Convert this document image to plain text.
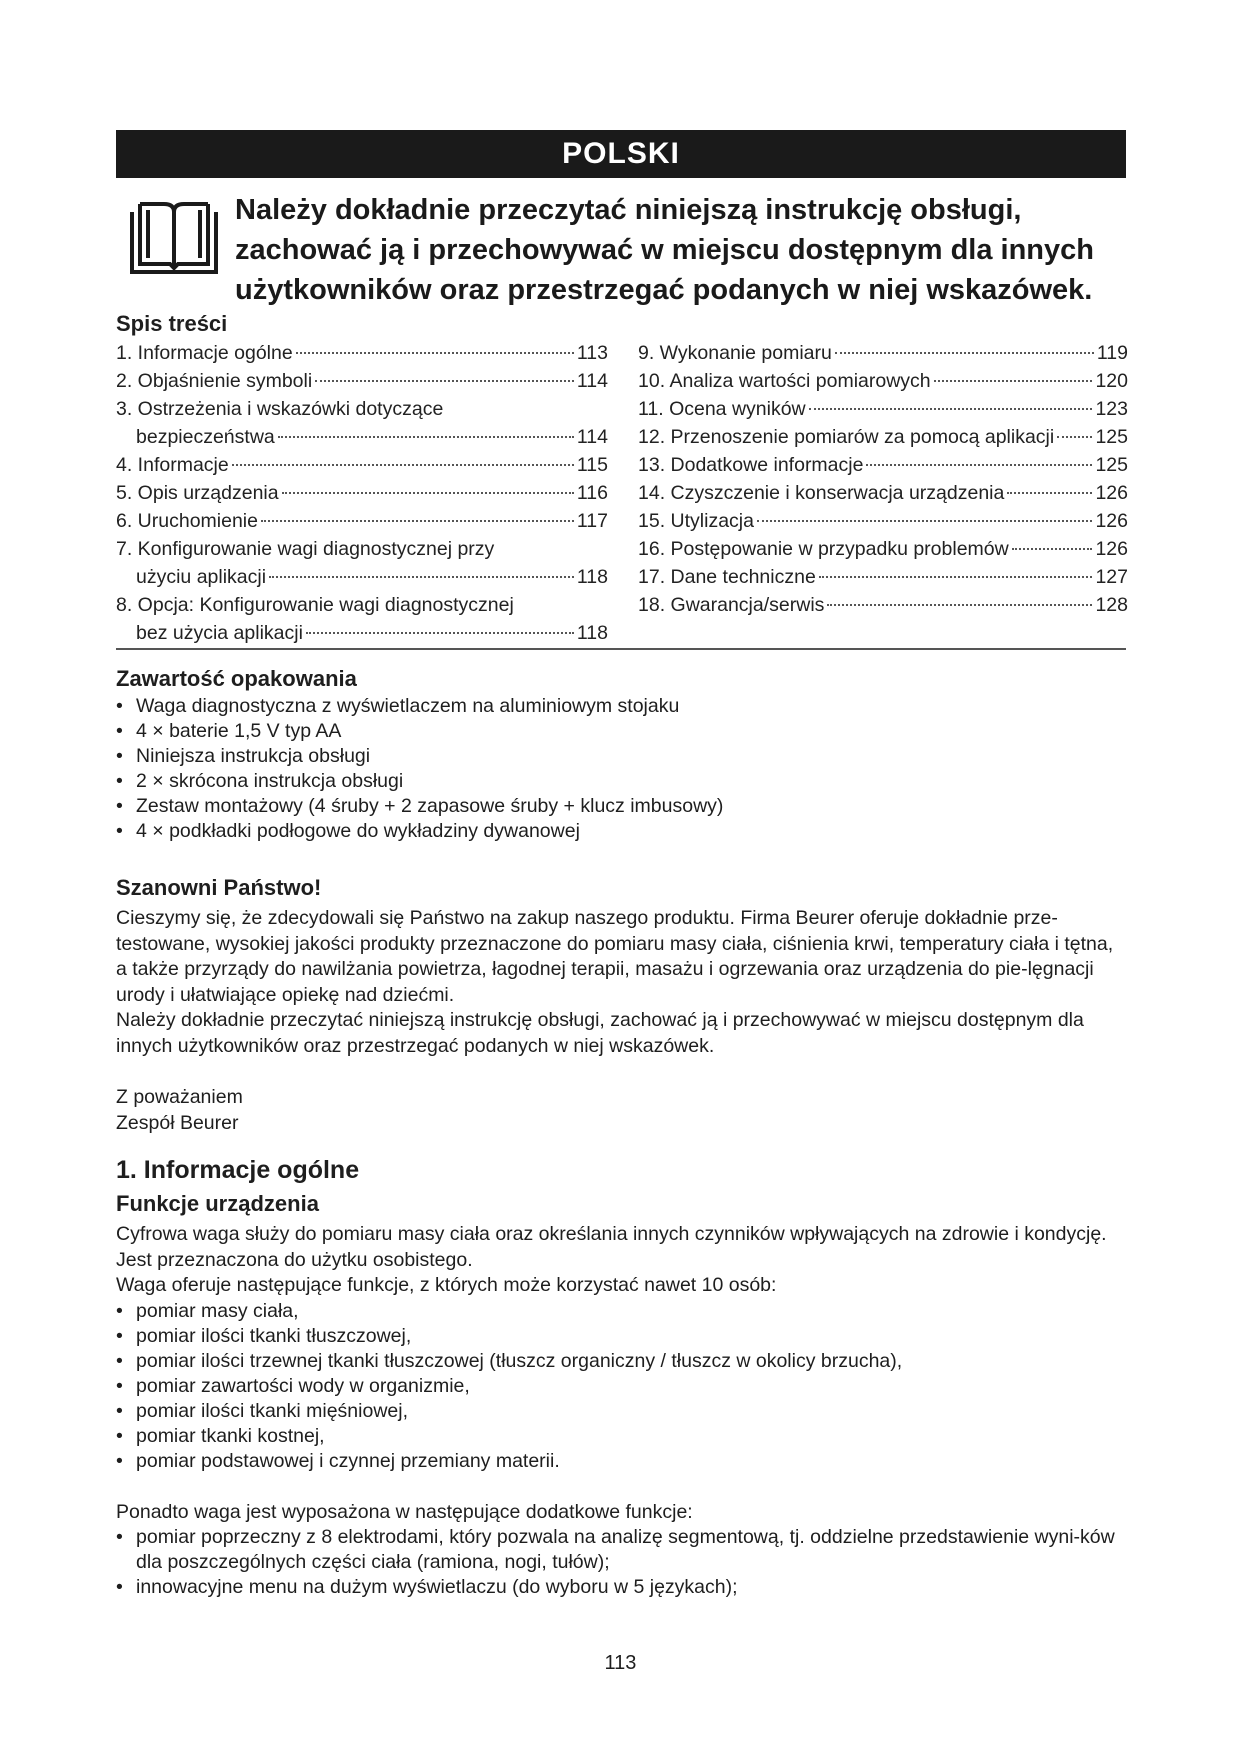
POLSKI
Należy dokładnie przeczytać niniejszą instrukcję obsługi, zachować ją i przechowywać w miejscu dostępnym dla innych użytkowników oraz przestrzegać podanych w niej wskazówek.
Spis treści
1. Informacje ogólne	113
2. Objaśnienie symboli	114
3. Ostrzeżenia i wskazówki dotyczące
bezpieczeństwa	114
4. Informacje	115
5. Opis urządzenia	116
6. Uruchomienie	117
7. Konfigurowanie wagi diagnostycznej przy
użyciu aplikacji	118
8. Opcja: Konfigurowanie wagi diagnostycznej
bez użycia aplikacji	118
9. Wykonanie pomiaru	119
10. Analiza wartości pomiarowych	120
11. Ocena wyników	123
12. Przenoszenie pomiarów za pomocą aplikacji 125
13. Dodatkowe informacje	125
14. Czyszczenie i konserwacja urządzenia	126
15. Utylizacja	126
16. Postępowanie w przypadku problemów	126
17. Dane techniczne	127
18. Gwarancja/serwis	128
Zawartość opakowania
• Waga diagnostyczna z wyświetlaczem na aluminiowym stojaku
• 4 × baterie 1,5 V typ AA
• Niniejsza instrukcja obsługi
• 2 × skrócona instrukcja obsługi
• Zestaw montażowy (4 śruby + 2 zapasowe śruby + klucz imbusowy)
• 4 × podkładki podłogowe do wykładziny dywanowej
Szanowni Państwo!

Cieszymy się, że zdecydowali się Państwo na zakup naszego produktu. Firma Beurer oferuje dokładnie prze-testowane, wysokiej jakości produkty przeznaczone do pomiaru masy ciała, ciśnienia krwi, temperatury ciała i tętna, a także przyrządy do nawilżania powietrza, łagodnej terapii, masażu i ogrzewania oraz urządzenia do pie-lęgnacji urody i ułatwiające opiekę nad dziećmi.

Należy dokładnie przeczytać niniejszą instrukcję obsługi, zachować ją i przechowywać w miejscu dostępnym dla innych użytkowników oraz przestrzegać podanych w niej wskazówek.

Z poważaniem

Zespół Beurer

1. Informacje ogólne
Funkcje urządzenia

Cyfrowa waga służy do pomiaru masy ciała oraz określania innych czynników wpływających na zdrowie i kondycję. Jest przeznaczona do użytku osobistego.

Waga oferuje następujące funkcje, z których może korzystać nawet 10 osób:

• pomiar masy ciała,
• pomiar ilości tkanki tłuszczowej,
• pomiar ilości trzewnej tkanki tłuszczowej (tłuszcz organiczny / tłuszcz w okolicy brzucha),
• pomiar zawartości wody w organizmie,
• pomiar ilości tkanki mięśniowej,
• pomiar tkanki kostnej,
• pomiar podstawowej i czynnej przemiany materii.

Ponadto waga jest wyposażona w następujące dodatkowe funkcje:

• pomiar poprzeczny z 8 elektrodami, który pozwala na analizę segmentową, tj. oddzielne przedstawienie wyni-ków dla poszczególnych części ciała (ramiona, nogi, tułów);
• innowacyjne menu na dużym wyświetlaczu (do wyboru w 5 językach);
113
